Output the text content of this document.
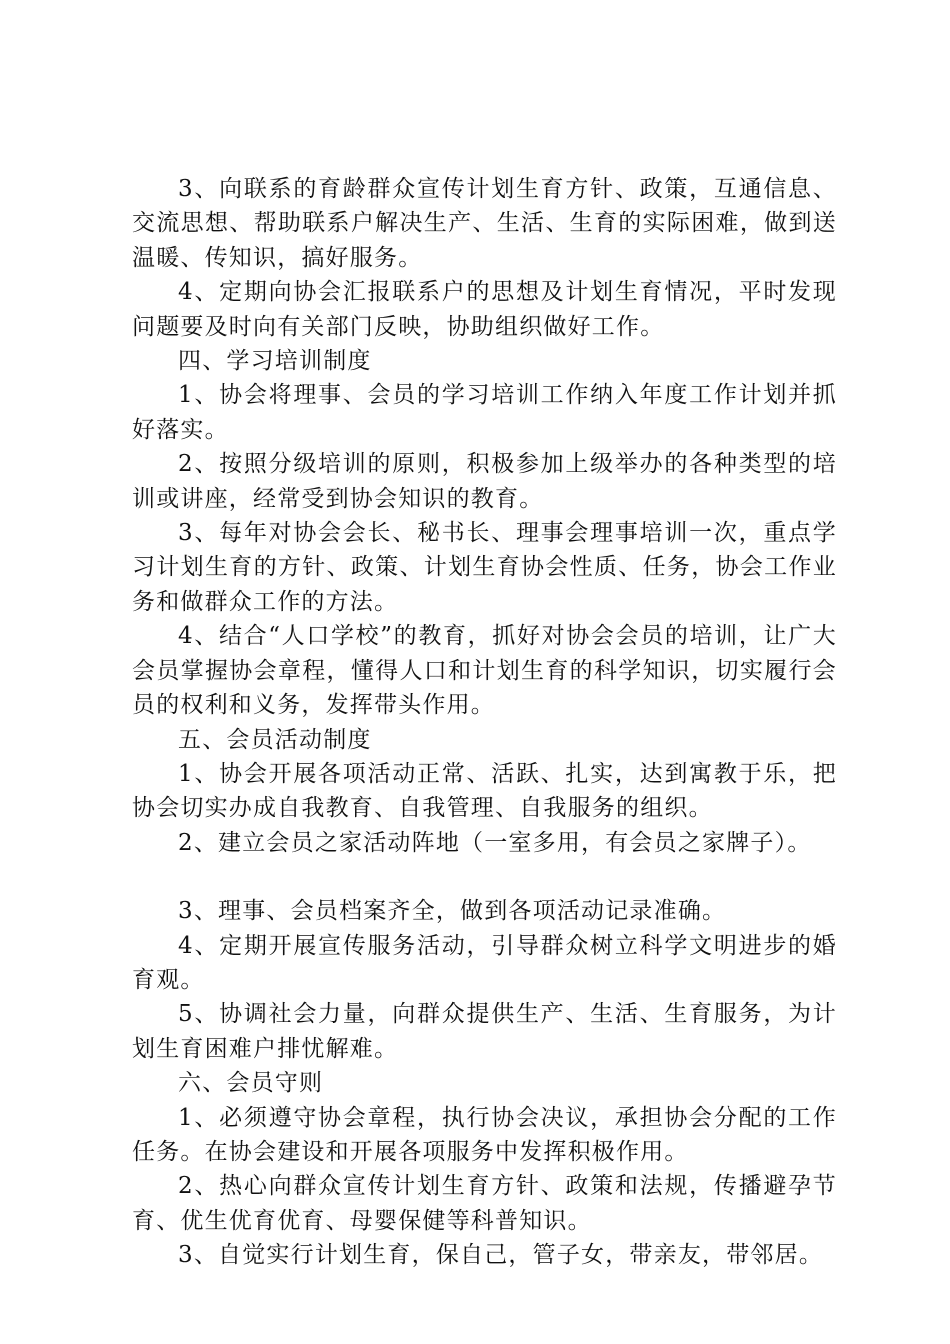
3、向联系的育龄群众宣传计划生育方针、政策，互通信息、交流思想、帮助联系户解决生产、生活、生育的实际困难，做到送温暖、传知识，搞好服务。

4、定期向协会汇报联系户的思想及计划生育情况，平时发现问题要及时向有关部门反映，协助组织做好工作。

四、学习培训制度

1、协会将理事、会员的学习培训工作纳入年度工作计划并抓好落实。

2、按照分级培训的原则，积极参加上级举办的各种类型的培训或讲座，经常受到协会知识的教育。

3、每年对协会会长、秘书长、理事会理事培训一次，重点学习计划生育的方针、政策、计划生育协会性质、任务，协会工作业务和做群众工作的方法。

4、结合“人口学校”的教育，抓好对协会会员的培训，让广大会员掌握协会章程，懂得人口和计划生育的科学知识，切实履行会员的权利和义务，发挥带头作用。

五、会员活动制度

1、协会开展各项活动正常、活跃、扎实，达到寓教于乐，把协会切实办成自我教育、自我管理、自我服务的组织。

2、建立会员之家活动阵地（一室多用，有会员之家牌子）。

3、理事、会员档案齐全，做到各项活动记录准确。

4、定期开展宣传服务活动，引导群众树立科学文明进步的婚育观。

5、协调社会力量，向群众提供生产、生活、生育服务，为计划生育困难户排忧解难。

六、会员守则

1、必须遵守协会章程，执行协会决议，承担协会分配的工作任务。在协会建设和开展各项服务中发挥积极作用。

2、热心向群众宣传计划生育方针、政策和法规，传播避孕节育、优生优育优育、母婴保健等科普知识。

3、自觉实行计划生育，保自己，管子女，带亲友，带邻居。
